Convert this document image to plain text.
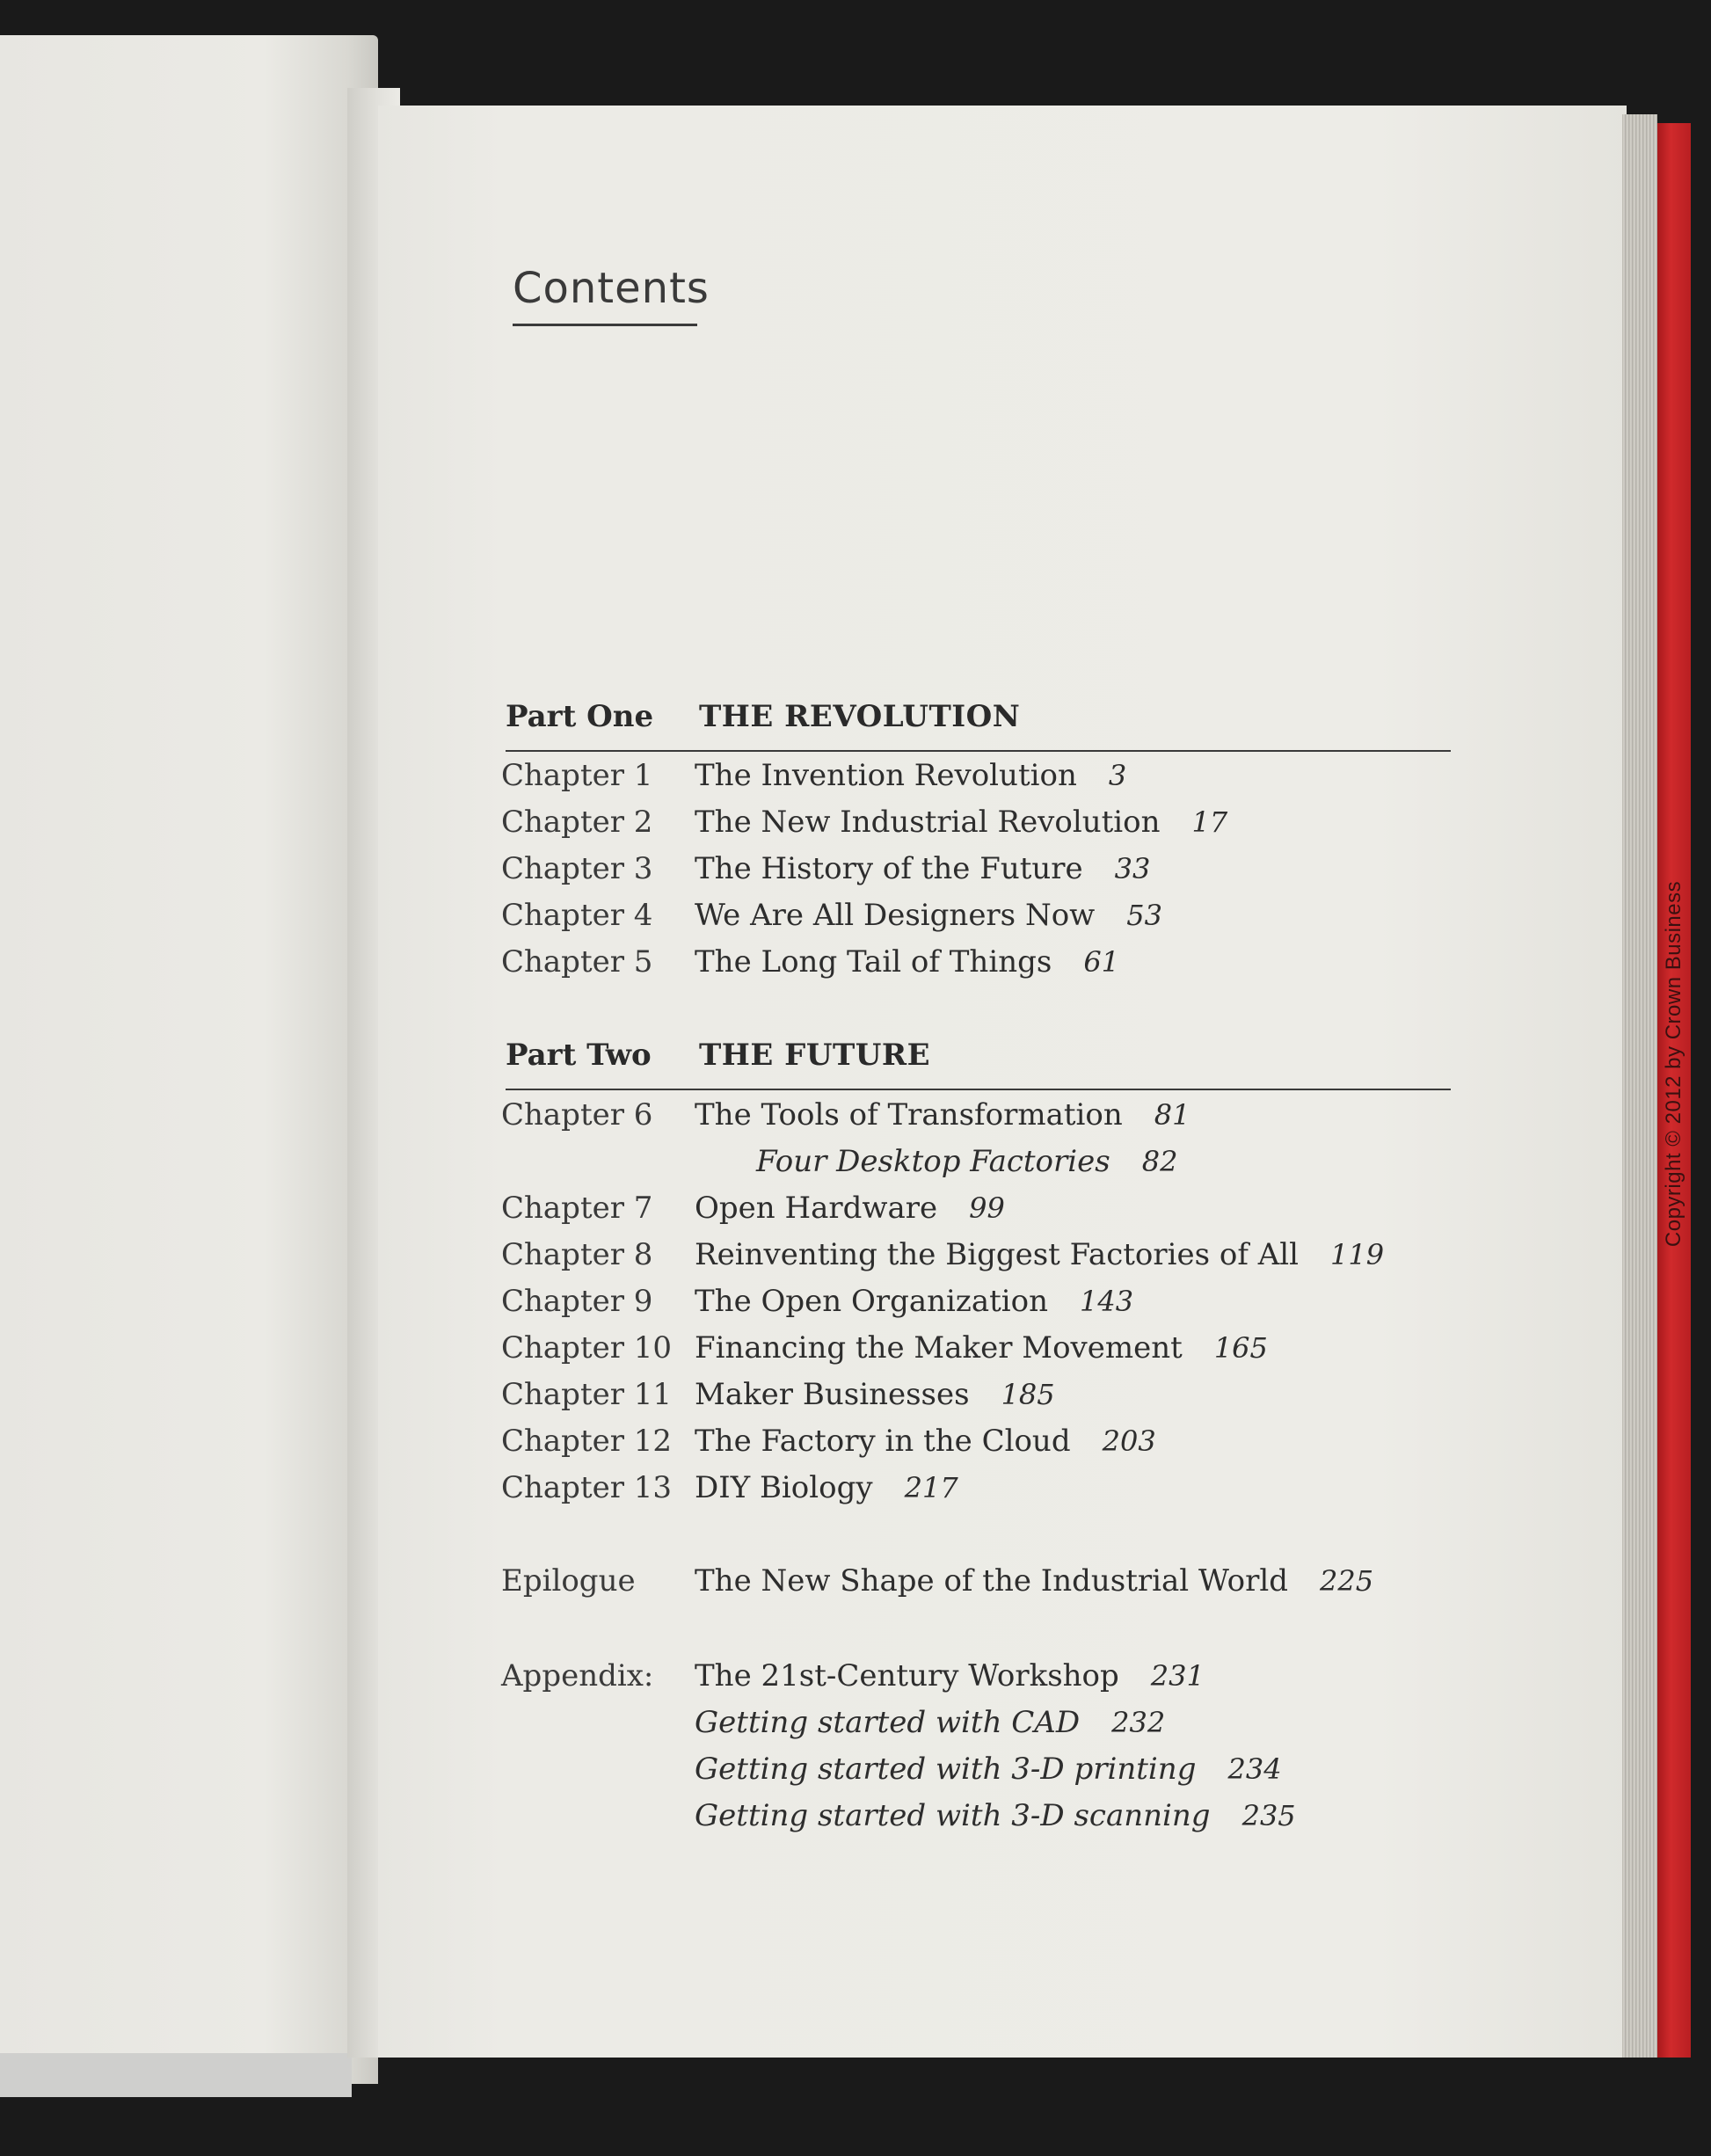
Copyright © 2012 by Crown Business
Contents
Part One THE REVOLUTION
Chapter 1 The Invention Revolution 3
Chapter 2 The New Industrial Revolution 17
Chapter 3 The History of the Future 33
Chapter 4 We Are All Designers Now 53
Chapter 5 The Long Tail of Things 61
Part Two THE FUTURE
Chapter 6 The Tools of Transformation 81
Four Desktop Factories 82
Chapter 7 Open Hardware 99
Chapter 8 Reinventing the Biggest Factories of All 119
Chapter 9 The Open Organization 143
Chapter 10 Financing the Maker Movement 165
Chapter 11 Maker Businesses 185
Chapter 12 The Factory in the Cloud 203
Chapter 13 DIY Biology 217
Epilogue The New Shape of the Industrial World 225
Appendix: The 21st-Century Workshop 231
Getting started with CAD 232
Getting started with 3-D printing 234
Getting started with 3-D scanning 235
